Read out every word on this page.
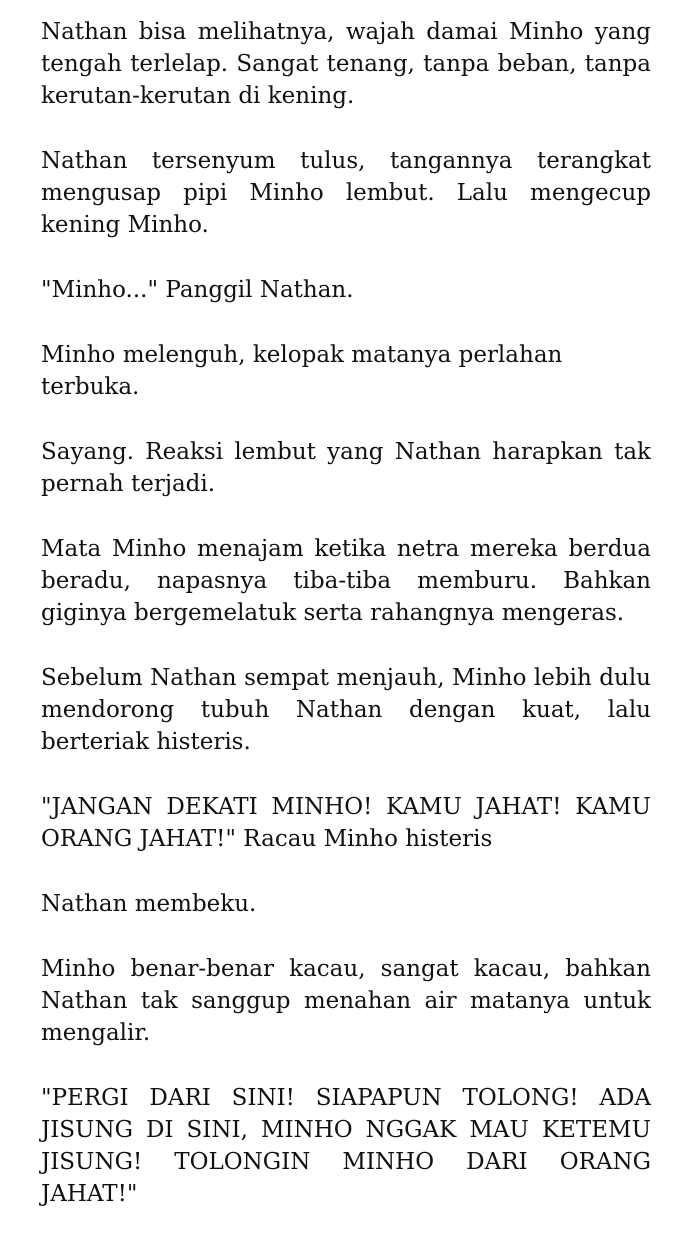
Nathan bisa melihatnya, wajah damai Minho yang tengah terlelap. Sangat tenang, tanpa beban, tanpa kerutan-kerutan di kening.

Nathan tersenyum tulus, tangannya terangkat mengusap pipi Minho lembut. Lalu mengecup kening Minho.

"Minho..." Panggil Nathan.

Minho melenguh, kelopak matanya perlahan terbuka.

Sayang. Reaksi lembut yang Nathan harapkan tak pernah terjadi.

Mata Minho menajam ketika netra mereka berdua beradu, napasnya tiba-tiba memburu. Bahkan giginya bergemelatuk serta rahangnya mengeras.

Sebelum Nathan sempat menjauh, Minho lebih dulu mendorong tubuh Nathan dengan kuat, lalu berteriak histeris.

"JANGAN DEKATI MINHO! KAMU JAHAT! KAMU ORANG JAHAT!" Racau Minho histeris

Nathan membeku.

Minho benar-benar kacau, sangat kacau, bahkan Nathan tak sanggup menahan air matanya untuk mengalir.

"PERGI DARI SINI! SIAPAPUN TOLONG! ADA JISUNG DI SINI, MINHO NGGAK MAU KETEMU JISUNG! TOLONGIN MINHO DARI ORANG JAHAT!"
